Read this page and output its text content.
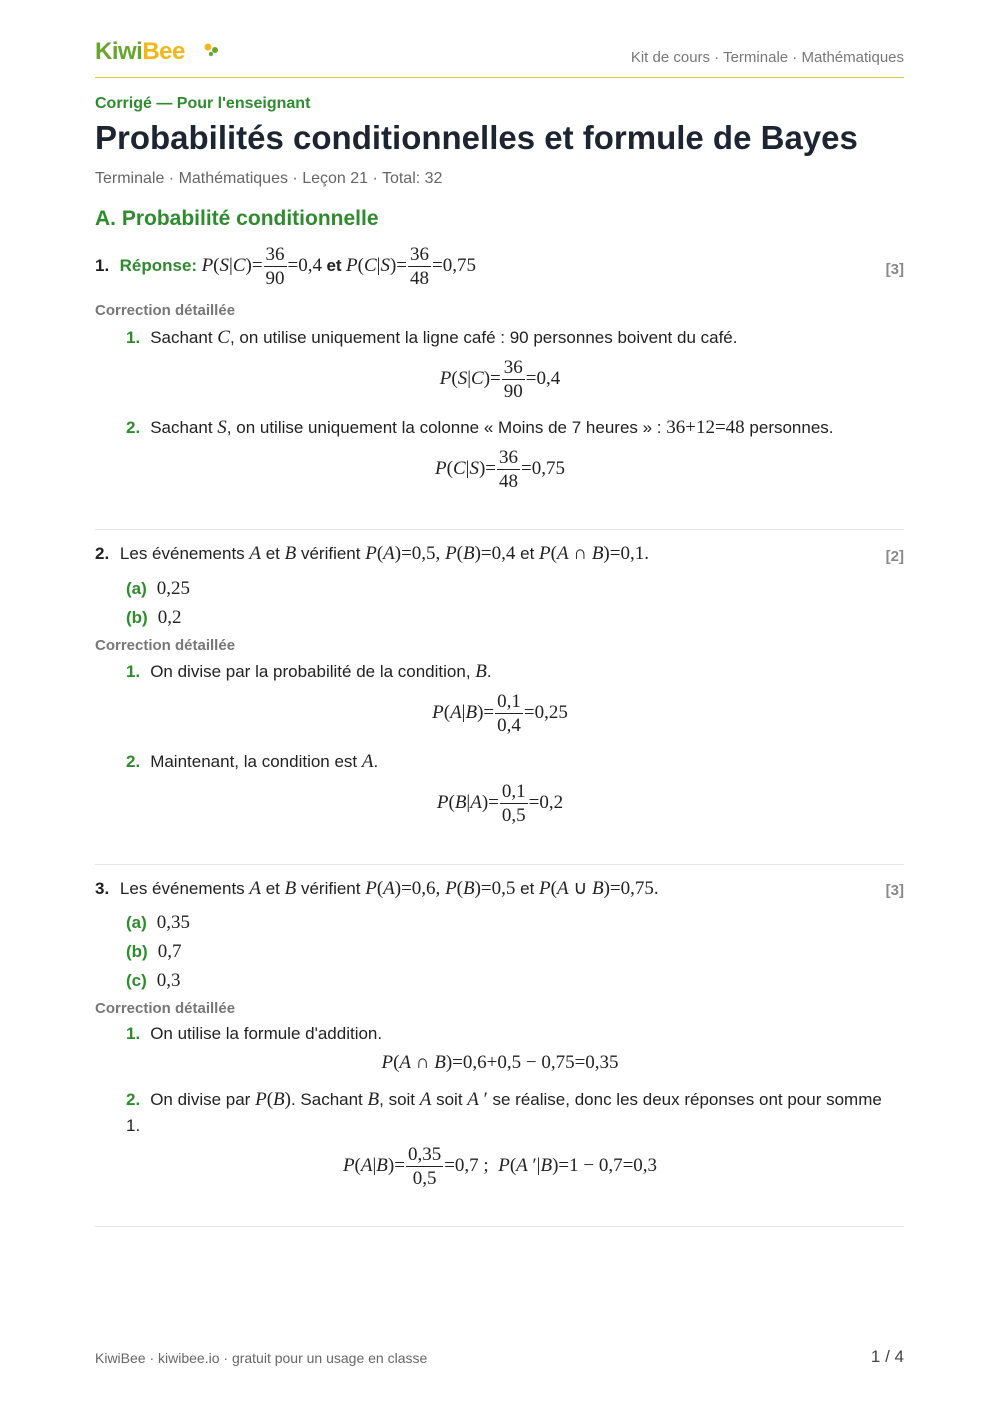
KiwiBee	Kit de cours · Terminale · Mathématiques
Corrigé — Pour l'enseignant
Probabilités conditionnelles et formule de Bayes
Terminale · Mathématiques · Leçon 21 · Total: 32
A. Probabilité conditionnelle
1. Réponse: $P(S|C)= \frac{36}{90} =0,4$ et $P(C|S)= \frac{36}{48} =0,75$	[3]
Correction détaillée
1. Sachant C, on utilise uniquement la ligne café : 90 personnes boivent du café.
$P(S|C)= \frac{36}{90} =0,4$
2. Sachant S, on utilise uniquement la colonne « Moins de 7 heures » : 36+12=48 personnes.
$P(C|S)= \frac{36}{48} =0,75$
2. Les événements A et B vérifient P(A)=0,5, P(B)=0,4 et P(A ∩ B)=0,1.	[2]
(a) 0,25
(b) 0,2
Correction détaillée
1. On divise par la probabilité de la condition, B.
$P(A|B)= \frac{0,1}{0,4} =0,25$
2. Maintenant, la condition est A.
$P(B|A)= \frac{0,1}{0,5} =0,2$
3. Les événements A et B vérifient P(A)=0,6, P(B)=0,5 et P(A ∪ B)=0,75.	[3]
(a) 0,35
(b) 0,7
(c) 0,3
Correction détaillée
1. On utilise la formule d'addition.
P(A ∩ B)=0,6+0,5 − 0,75=0,35
2. On divise par P(B). Sachant B, soit A soit A ′ se réalise, donc les deux réponses ont pour somme 1.
$P(A|B)= \frac{0,35}{0,5} =0,7$ ;  P(A ′|B)=1 − 0,7=0,3
KiwiBee · kiwibee.io · gratuit pour un usage en classe	1 / 4
